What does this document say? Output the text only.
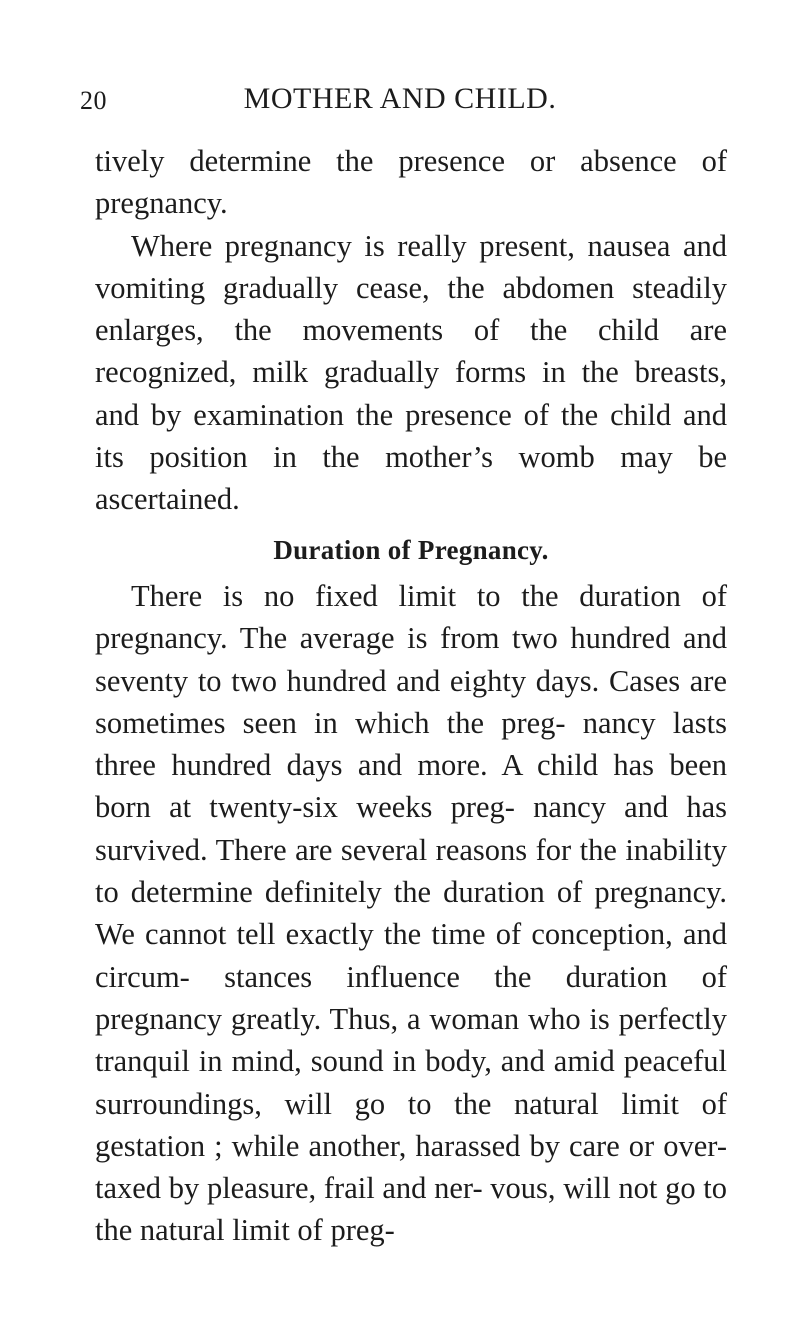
20	MOTHER AND CHILD.

tively determine the presence or absence of pregnancy.

Where pregnancy is really present, nausea and vomiting gradually cease, the abdomen steadily enlarges, the movements of the child are recognized, milk gradually forms in the breasts, and by examination the presence of the child and its position in the mother’s womb may be ascertained.

Duration of Pregnancy.

There is no fixed limit to the duration of pregnancy. The average is from two hundred and seventy to two hundred and eighty days. Cases are sometimes seen in which the preg- nancy lasts three hundred days and more. A child has been born at twenty-six weeks preg- nancy and has survived. There are several reasons for the inability to determine definitely the duration of pregnancy. We cannot tell exactly the time of conception, and circum- stances influence the duration of pregnancy greatly. Thus, a woman who is perfectly tranquil in mind, sound in body, and amid peaceful surroundings, will go to the natural limit of gestation ; while another, harassed by care or over-taxed by pleasure, frail and ner- vous, will not go to the natural limit of preg-
